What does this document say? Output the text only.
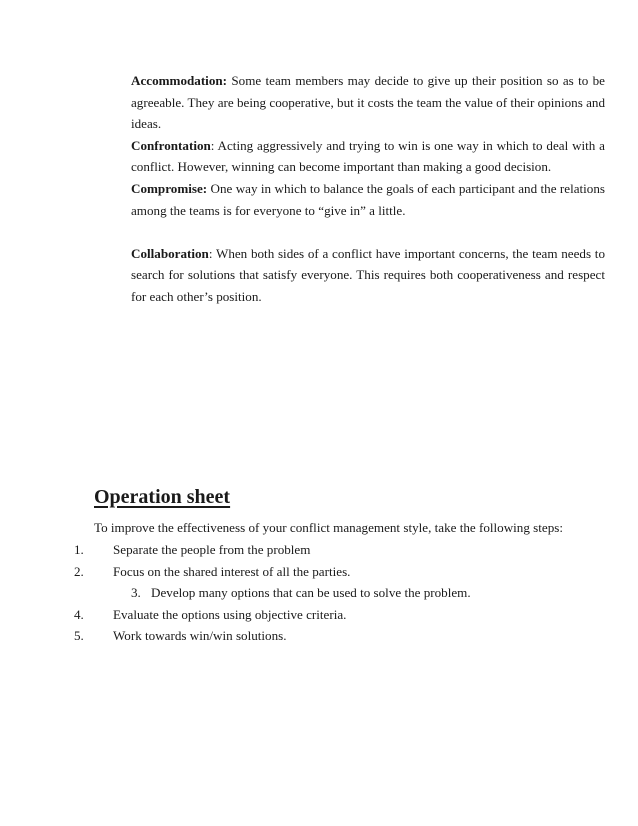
Accommodation: Some team members may decide to give up their position so as to be agreeable. They are being cooperative, but it costs the team the value of their opinions and ideas.

Confrontation: Acting aggressively and trying to win is one way in which to deal with a conflict. However, winning can become important than making a good decision.

Compromise: One way in which to balance the goals of each participant and the relations among the teams is for everyone to “give in” a little.

Collaboration: When both sides of a conflict have important concerns, the team needs to search for solutions that satisfy everyone. This requires both cooperativeness and respect for each other’s position.

Operation sheet

To improve the effectiveness of your conflict management style, take the following steps:

1. Separate the people from the problem
2. Focus on the shared interest of all the parties.
3. Develop many options that can be used to solve the problem.
4. Evaluate the options using objective criteria.
5. Work towards win/win solutions.
